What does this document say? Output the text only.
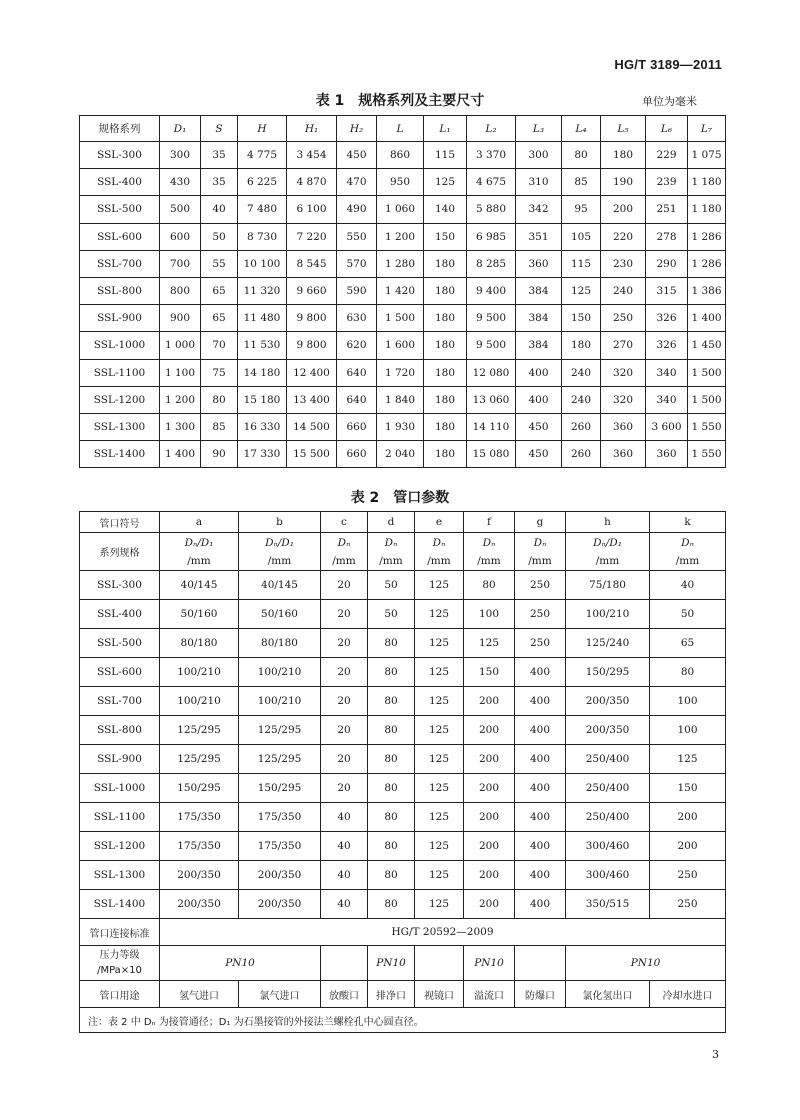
HG/T 3189—2011
表 1　规格系列及主要尺寸	单位为毫米
规格系列	D₁	S	H	H₁	H₂	L	L₁	L₂	L₃	L₄	L₅	L₆	L₇
SSL-300	300	35	4 775	3 454	450	860	115	3 370	300	80	180	229	1 075
SSL-400	430	35	6 225	4 870	470	950	125	4 675	310	85	190	239	1 180
SSL-500	500	40	7 480	6 100	490	1 060	140	5 880	342	95	200	251	1 180
SSL-600	600	50	8 730	7 220	550	1 200	150	6 985	351	105	220	278	1 286
SSL-700	700	55	10 100	8 545	570	1 280	180	8 285	360	115	230	290	1 286
SSL-800	800	65	11 320	9 660	590	1 420	180	9 400	384	125	240	315	1 386
SSL-900	900	65	11 480	9 800	630	1 500	180	9 500	384	150	250	326	1 400
SSL-1000	1 000	70	11 530	9 800	620	1 600	180	9 500	384	180	270	326	1 450
SSL-1100	1 100	75	14 180	12 400	640	1 720	180	12 080	400	240	320	340	1 500
SSL-1200	1 200	80	15 180	13 400	640	1 840	180	13 060	400	240	320	340	1 500
SSL-1300	1 300	85	16 330	14 500	660	1 930	180	14 110	450	260	360	3 600	1 550
SSL-1400	1 400	90	17 330	15 500	660	2 040	180	15 080	450	260	360	360	1 550
表 2　管口参数
管口符号	a	b	c	d	e	f	g	h	k
系列规格	Dₙ/D₁	Dₙ/D₁	Dₙ	Dₙ	Dₙ	Dₙ	Dₙ	Dₙ/D₁	Dₙ
	/mm	/mm	/mm	/mm	/mm	/mm	/mm	/mm	/mm
SSL-300	40/145	40/145	20	50	125	80	250	75/180	40
SSL-400	50/160	50/160	20	50	125	100	250	100/210	50
SSL-500	80/180	80/180	20	80	125	125	250	125/240	65
SSL-600	100/210	100/210	20	80	125	150	400	150/295	80
SSL-700	100/210	100/210	20	80	125	200	400	200/350	100
SSL-800	125/295	125/295	20	80	125	200	400	200/350	100
SSL-900	125/295	125/295	20	80	125	200	400	250/400	125
SSL-1000	150/295	150/295	20	80	125	200	400	250/400	150
SSL-1100	175/350	175/350	40	80	125	200	400	250/400	200
SSL-1200	175/350	175/350	40	80	125	200	400	300/460	200
SSL-1300	200/350	200/350	40	80	125	200	400	300/460	250
SSL-1400	200/350	200/350	40	80	125	200	400	350/515	250
管口连接标准	HG/T 20592—2009								
压力等级
/MPa×10	PN10			PN10		PN10		PN10	
管口用途	氢气进口	氯气进口	放酸口	排净口	视镜口	溢流口	防爆口	氯化氢出口	冷却水进口
注：表 2 中 Dₙ 为接管通径；D₁ 为石墨接管的外接法兰螺栓孔中心圆直径。									
3
